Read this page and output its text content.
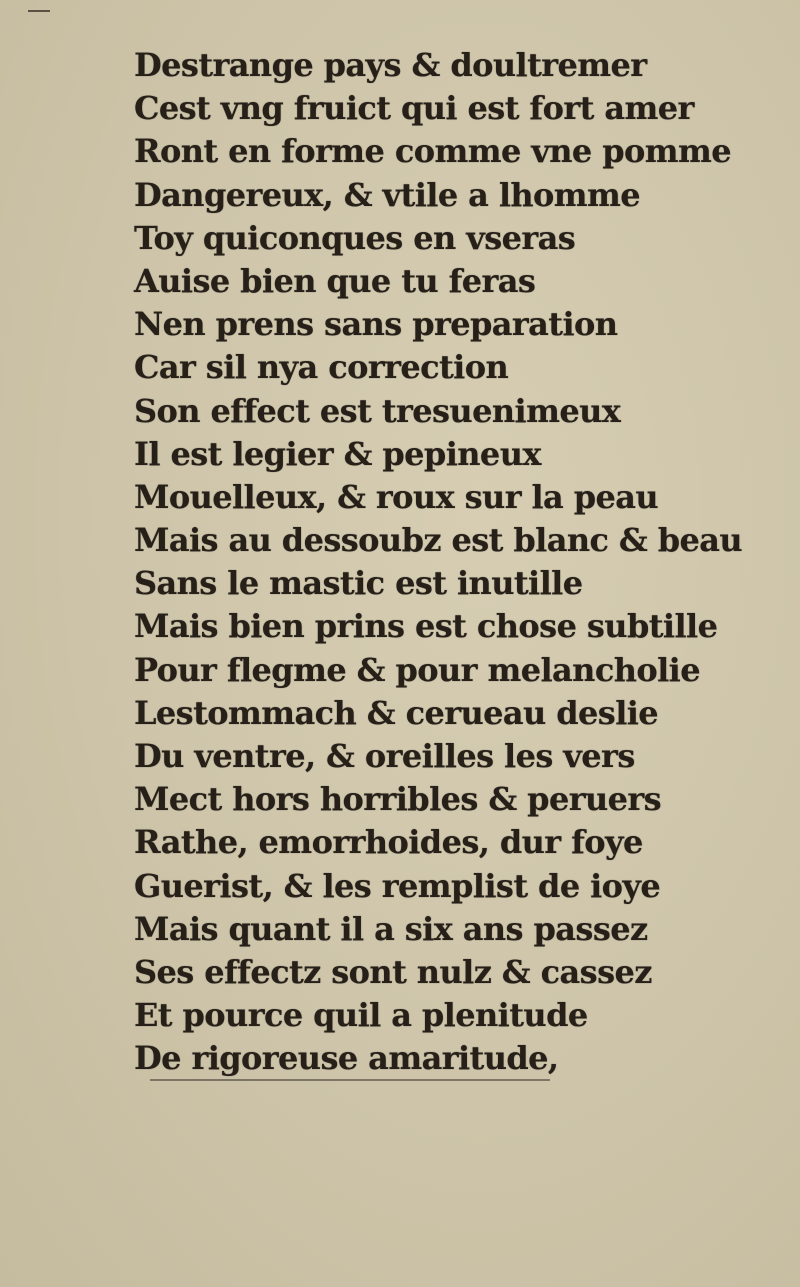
Destrange pays & doultremer
Cest vng fruict qui est fort amer
Ront en forme comme vne pomme
Dangereux, & vtile a lhomme
Toy quiconques en vseras
Auise bien que tu feras
Nen prens sans preparation
Car sil nya correction
Son effect est tresuenimeux
Il est legier & pepineux
Mouelleux, & roux sur la peau
Mais au dessoubz est blanc & beau
Sans le mastic est inutille
Mais bien prins est chose subtille
Pour flegme & pour melancholie
Lestommach & cerueau deslie
Du ventre, & oreilles les vers
Mect hors horribles & peruers
Rathe, emorrhoides, dur foye
Guerist, & les remplist de ioye
Mais quant il a six ans passez
Ses effectz sont nulz & cassez
Et pource quil a plenitude
De rigoreuse amaritude,
